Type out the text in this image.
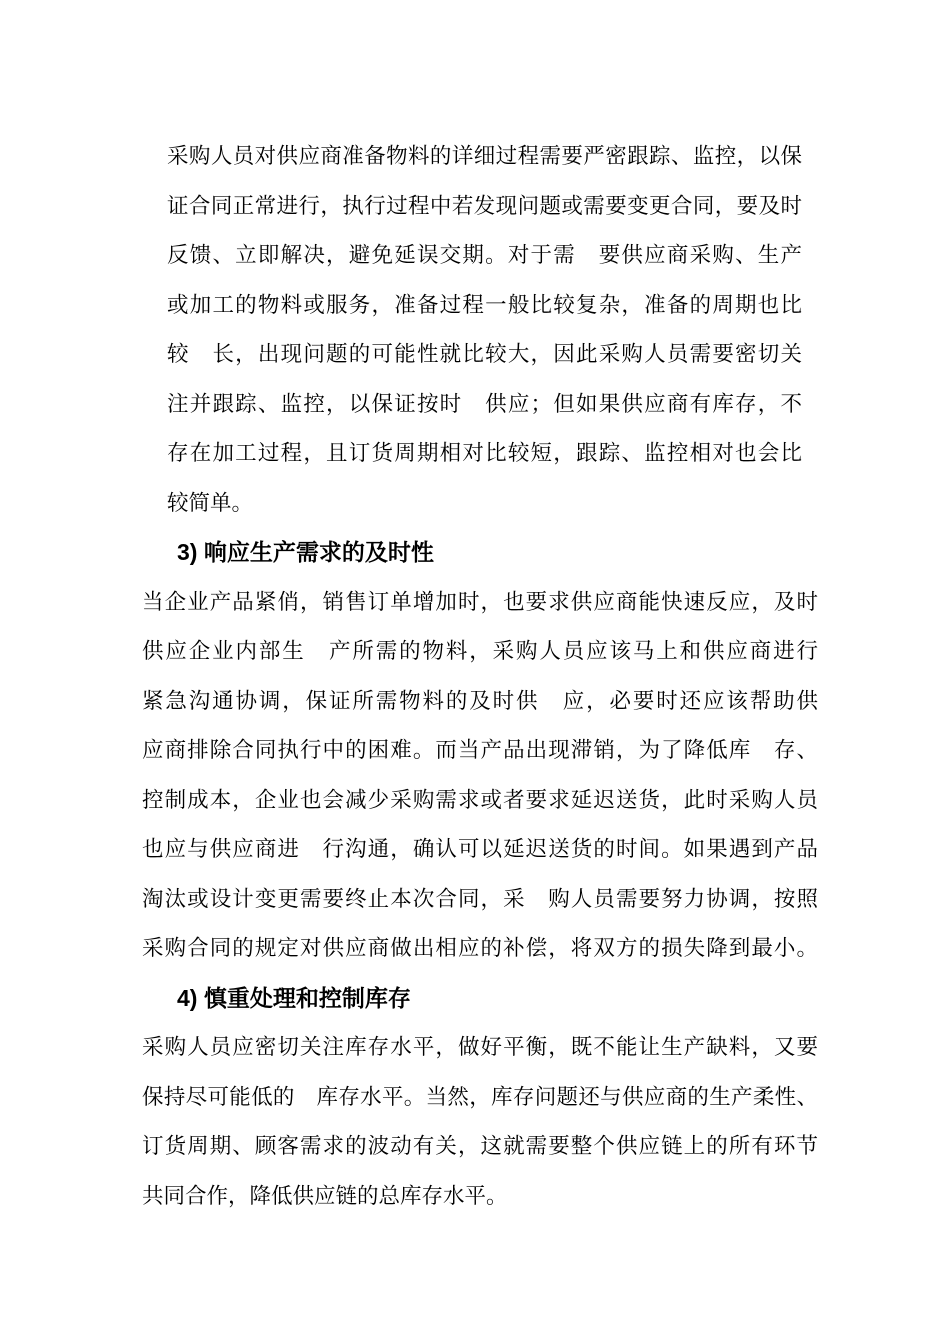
采购人员对供应商准备物料的详细过程需要严密跟踪、监控，以保
证合同正常进行，执行过程中若发现问题或需要变更合同，要及时
反馈、立即解决，避免延误交期。对于需　要供应商采购、生产
或加工的物料或服务，准备过程一般比较复杂，准备的周期也比
较　长，出现问题的可能性就比较大，因此采购人员需要密切关
注并跟踪、监控，以保证按时　供应；但如果供应商有库存，不
存在加工过程，且订货周期相对比较短，跟踪、监控相对也会比
较简单。
3) 响应生产需求的及时性
当企业产品紧俏，销售订单增加时，也要求供应商能快速反应，及时
供应企业内部生　产所需的物料，采购人员应该马上和供应商进行
紧急沟通协调，保证所需物料的及时供　应，必要时还应该帮助供
应商排除合同执行中的困难。而当产品出现滞销，为了降低库　存、
控制成本，企业也会减少采购需求或者要求延迟送货，此时采购人员
也应与供应商进　行沟通，确认可以延迟送货的时间。如果遇到产品
淘汰或设计变更需要终止本次合同，采　购人员需要努力协调，按照
采购合同的规定对供应商做出相应的补偿，将双方的损失降到最小。
4) 慎重处理和控制库存
采购人员应密切关注库存水平，做好平衡，既不能让生产缺料，又要
保持尽可能低的　库存水平。当然，库存问题还与供应商的生产柔性、
订货周期、顾客需求的波动有关，这就需要整个供应链上的所有环节
共同合作，降低供应链的总库存水平。
